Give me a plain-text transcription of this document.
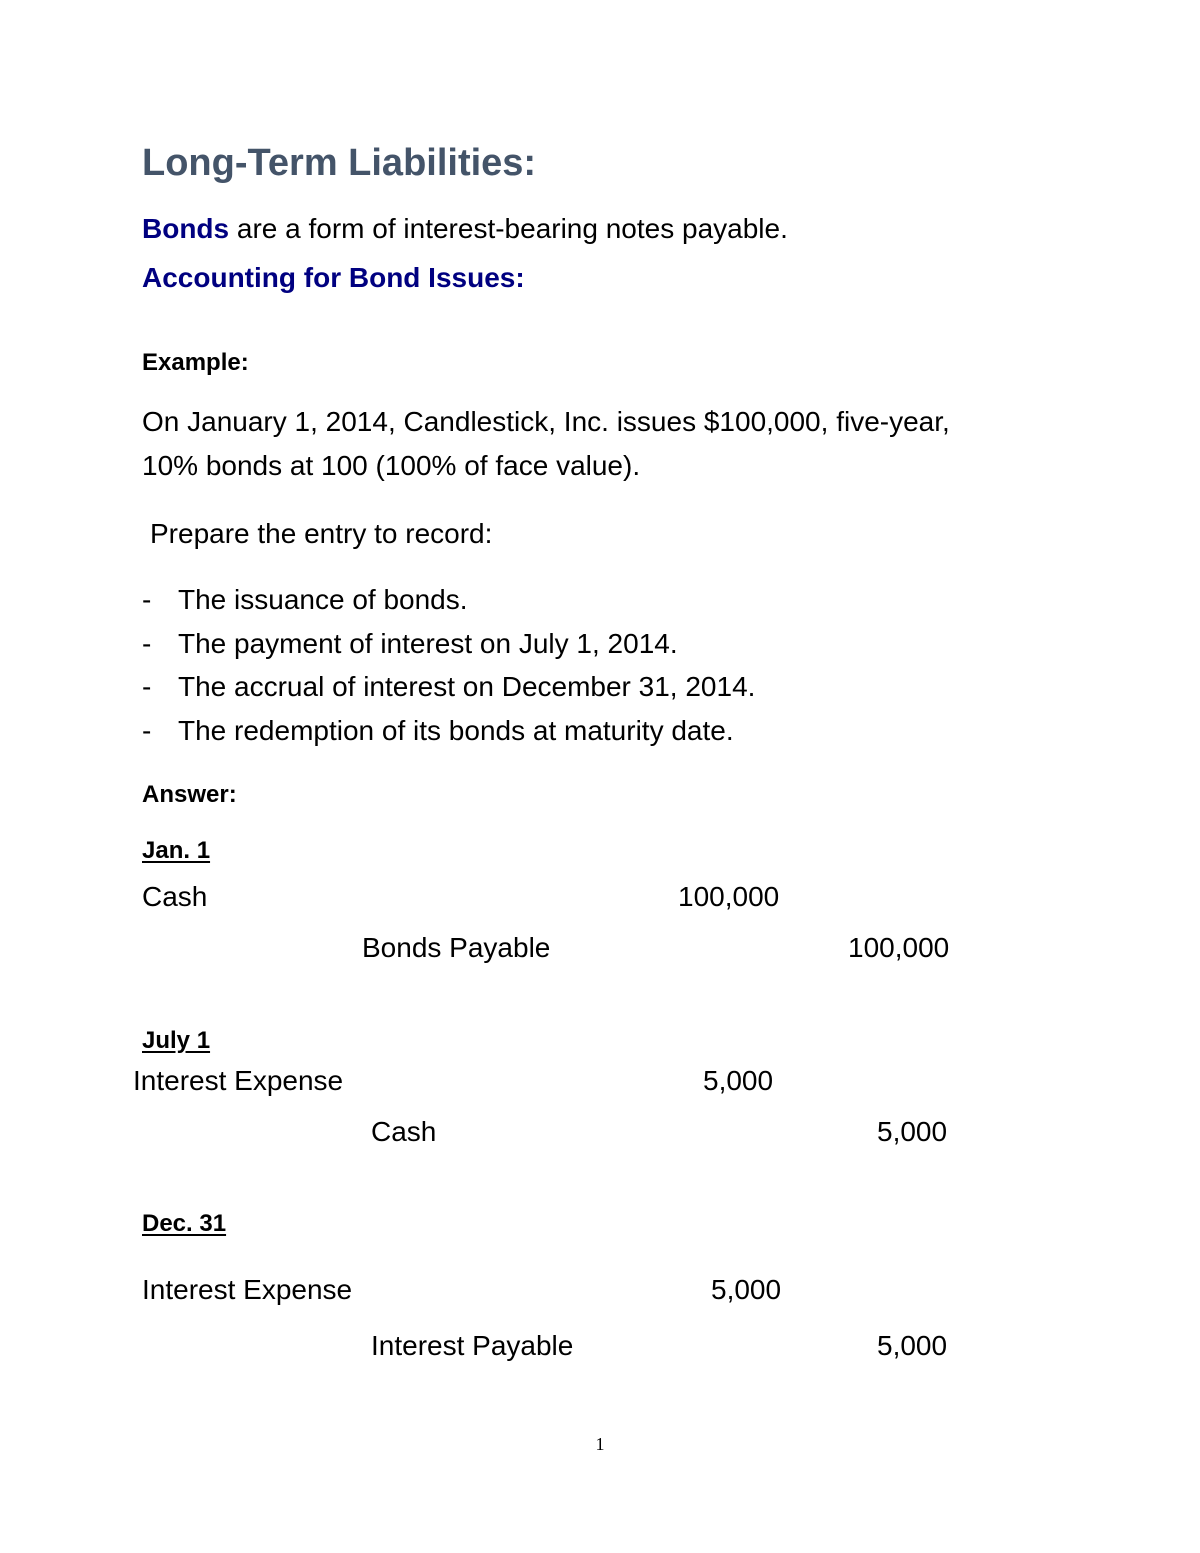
Long-Term Liabilities:
Bonds are a form of interest-bearing notes payable.
Accounting for Bond Issues:
Example:
On January 1, 2014, Candlestick, Inc. issues $100,000, five-year,
10% bonds at 100 (100% of face value).
Prepare the entry to record:
- The issuance of bonds.
- The payment of interest on July 1, 2014.
- The accrual of interest on December 31, 2014.
- The redemption of its bonds at maturity date.
Answer:
Jan. 1
Cash	100,000
Bonds Payable	100,000
July 1
Interest Expense	5,000
Cash	5,000
Dec. 31
Interest Expense	5,000
Interest Payable	5,000
1
